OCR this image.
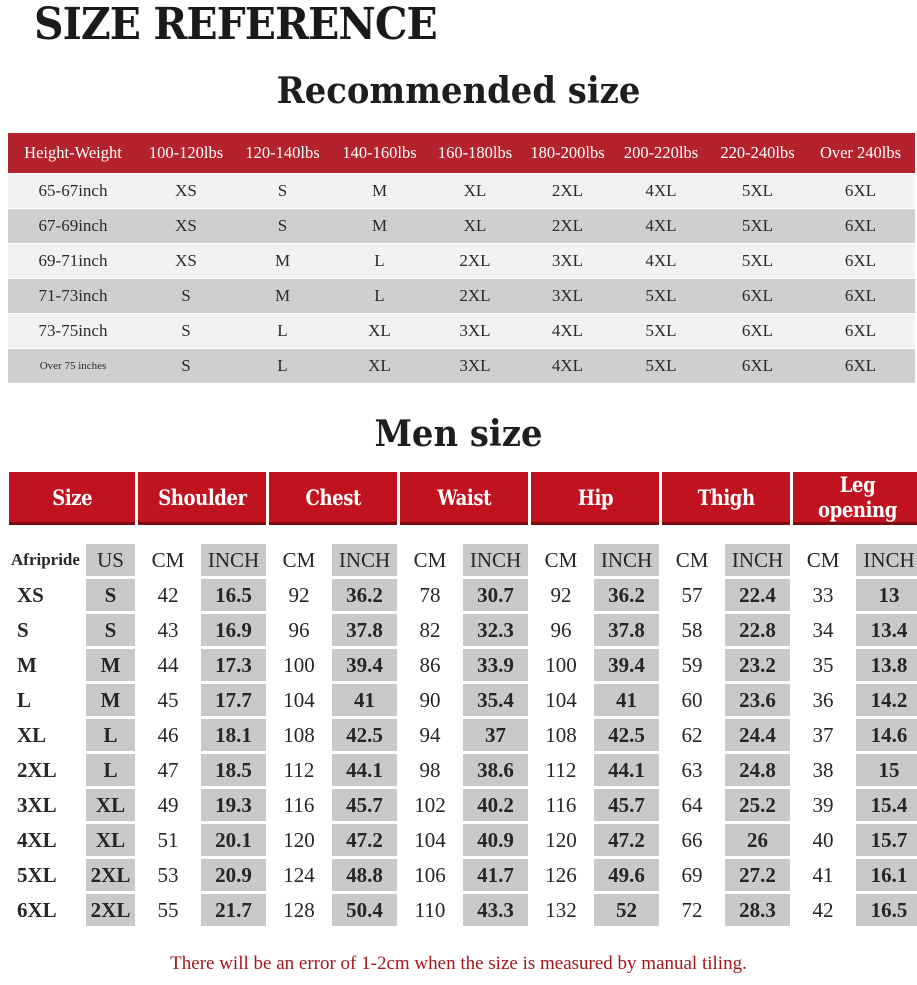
SIZE REFERENCE
Recommended size
Height-Weight	100-120lbs	120-140lbs	140-160lbs	160-180lbs	180-200lbs	200-220lbs	220-240lbs	Over 240lbs
65-67inch	XS	S	M	XL	2XL	4XL	5XL	6XL
67-69inch	XS	S	M	XL	2XL	4XL	5XL	6XL
69-71inch	XS	M	L	2XL	3XL	4XL	5XL	6XL
71-73inch	S	M	L	2XL	3XL	5XL	6XL	6XL
73-75inch	S	L	XL	3XL	4XL	5XL	6XL	6XL
Over 75 inches	S	L	XL	3XL	4XL	5XL	6XL	6XL
Men size
Size		Shoulder		Chest		Waist		Hip		Thigh		Leg opening	

Afripride	US	CM	INCH	CM	INCH	CM	INCH	CM	INCH	CM	INCH	CM	INCH
XS	S	42	16.5	92	36.2	78	30.7	92	36.2	57	22.4	33	13
S	S	43	16.9	96	37.8	82	32.3	96	37.8	58	22.8	34	13.4
M	M	44	17.3	100	39.4	86	33.9	100	39.4	59	23.2	35	13.8
L	M	45	17.7	104	41	90	35.4	104	41	60	23.6	36	14.2
XL	L	46	18.1	108	42.5	94	37	108	42.5	62	24.4	37	14.6
2XL	L	47	18.5	112	44.1	98	38.6	112	44.1	63	24.8	38	15
3XL	XL	49	19.3	116	45.7	102	40.2	116	45.7	64	25.2	39	15.4
4XL	XL	51	20.1	120	47.2	104	40.9	120	47.2	66	26	40	15.7
5XL	2XL	53	20.9	124	48.8	106	41.7	126	49.6	69	27.2	41	16.1
6XL	2XL	55	21.7	128	50.4	110	43.3	132	52	72	28.3	42	16.5

There will be an error of 1-2cm when the size is measured by manual tiling.
